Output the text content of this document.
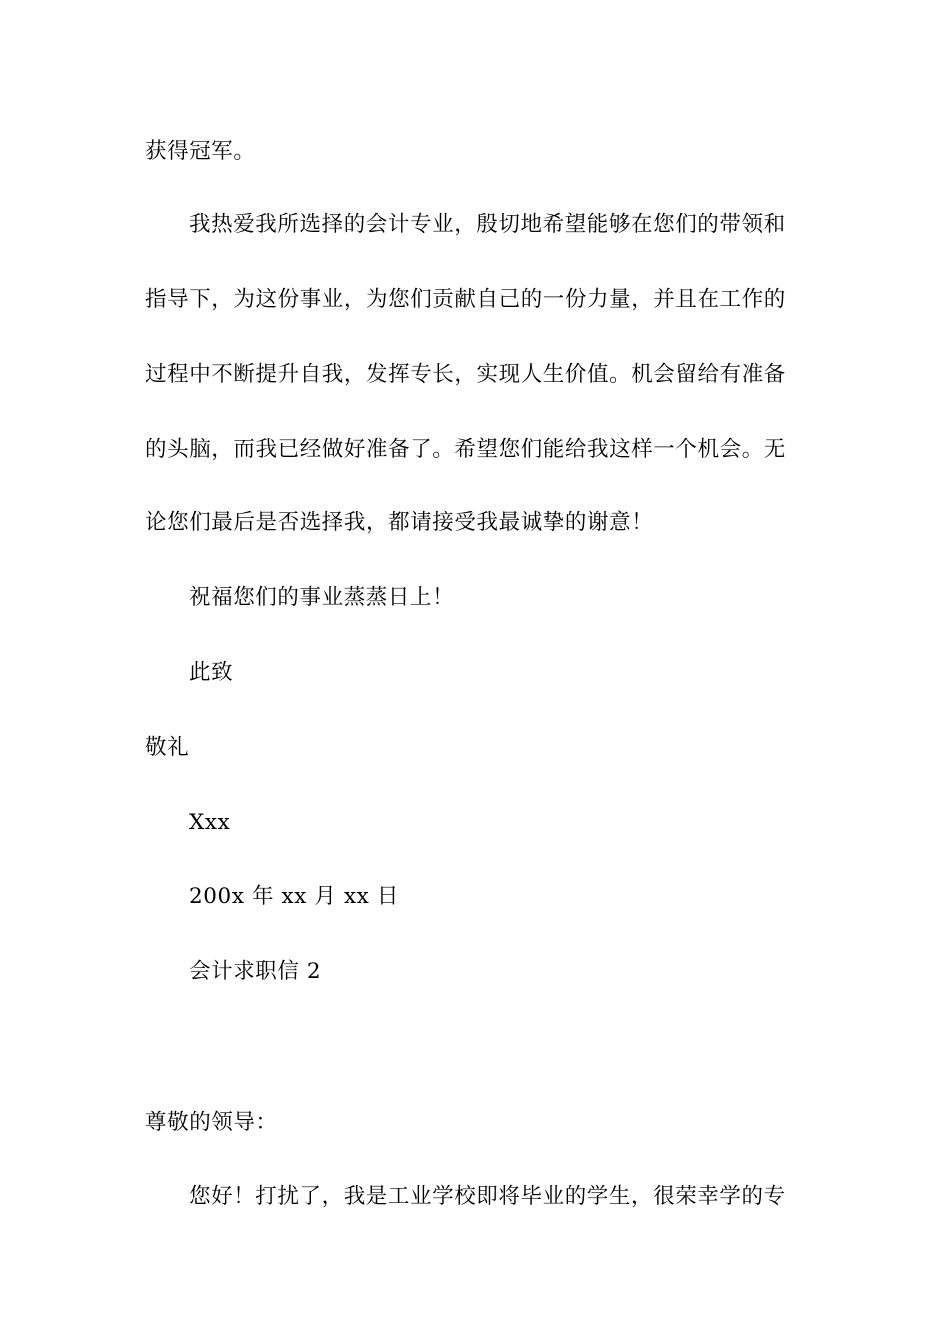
获得冠军。
我热爱我所选择的会计专业，殷切地希望能够在您们的带领和
指导下，为这份事业，为您们贡献自己的一份力量，并且在工作的
过程中不断提升自我，发挥专长，实现人生价值。机会留给有准备
的头脑，而我已经做好准备了。希望您们能给我这样一个机会。无
论您们最后是否选择我，都请接受我最诚挚的谢意！
祝福您们的事业蒸蒸日上！
此致
敬礼
Xxx
200x 年 xx 月 xx 日
会计求职信 2
尊敬的领导：
您好！打扰了，我是工业学校即将毕业的学生，很荣幸学的专
